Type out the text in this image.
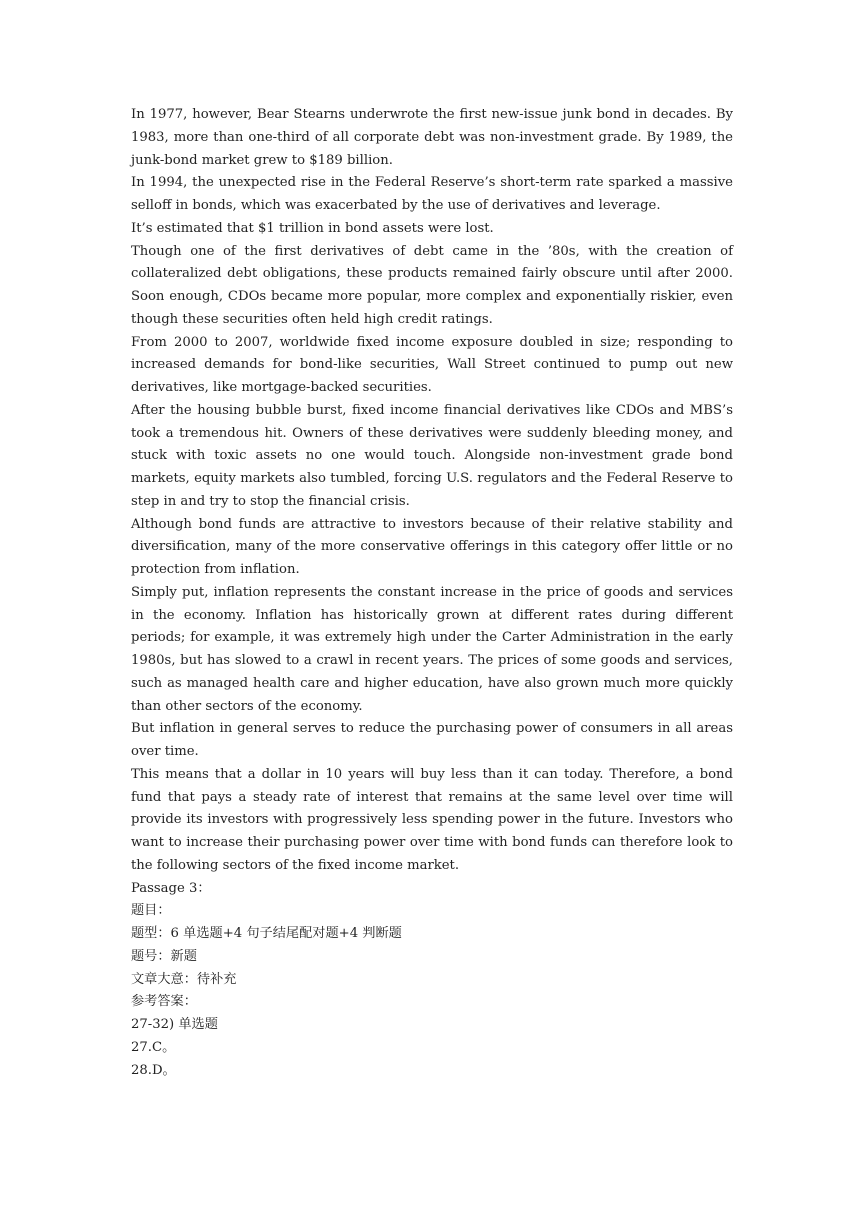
In 1977, however, Bear Stearns underwrote the first new-issue junk bond in decades. By 1983, more than one-third of all corporate debt was non-investment grade. By 1989, the junk-bond market grew to $189 billion.

In 1994, the unexpected rise in the Federal Reserve’s short-term rate sparked a massive selloff in bonds, which was exacerbated by the use of derivatives and leverage.

It’s estimated that $1 trillion in bond assets were lost.

Though one of the first derivatives of debt came in the ’80s, with the creation of collateralized debt obligations, these products remained fairly obscure until after 2000. Soon enough, CDOs became more popular, more complex and exponentially riskier, even though these securities often held high credit ratings.

From 2000 to 2007, worldwide fixed income exposure doubled in size; responding to increased demands for bond-like securities, Wall Street continued to pump out new derivatives, like mortgage-backed securities.

After the housing bubble burst, fixed income financial derivatives like CDOs and MBS’s took a tremendous hit. Owners of these derivatives were suddenly bleeding money, and stuck with toxic assets no one would touch. Alongside non-investment grade bond markets, equity markets also tumbled, forcing U.S. regulators and the Federal Reserve to step in and try to stop the financial crisis.

Although bond funds are attractive to investors because of their relative stability and diversification, many of the more conservative offerings in this category offer little or no protection from inflation.

Simply put, inflation represents the constant increase in the price of goods and services in the economy. Inflation has historically grown at different rates during different periods; for example, it was extremely high under the Carter Administration in the early 1980s, but has slowed to a crawl in recent years. The prices of some goods and services, such as managed health care and higher education, have also grown much more quickly than other sectors of the economy.

But inflation in general serves to reduce the purchasing power of consumers in all areas over time.

This means that a dollar in 10 years will buy less than it can today. Therefore, a bond fund that pays a steady rate of interest that remains at the same level over time will provide its investors with progressively less spending power in the future. Investors who want to increase their purchasing power over time with bond funds can therefore look to the following sectors of the fixed income market.

Passage 3：

题目：

题型：6 单选题+4 句子结尾配对题+4 判断题

题号：新题

文章大意：待补充

参考答案：

27-32) 单选题

27.C。

28.D。
